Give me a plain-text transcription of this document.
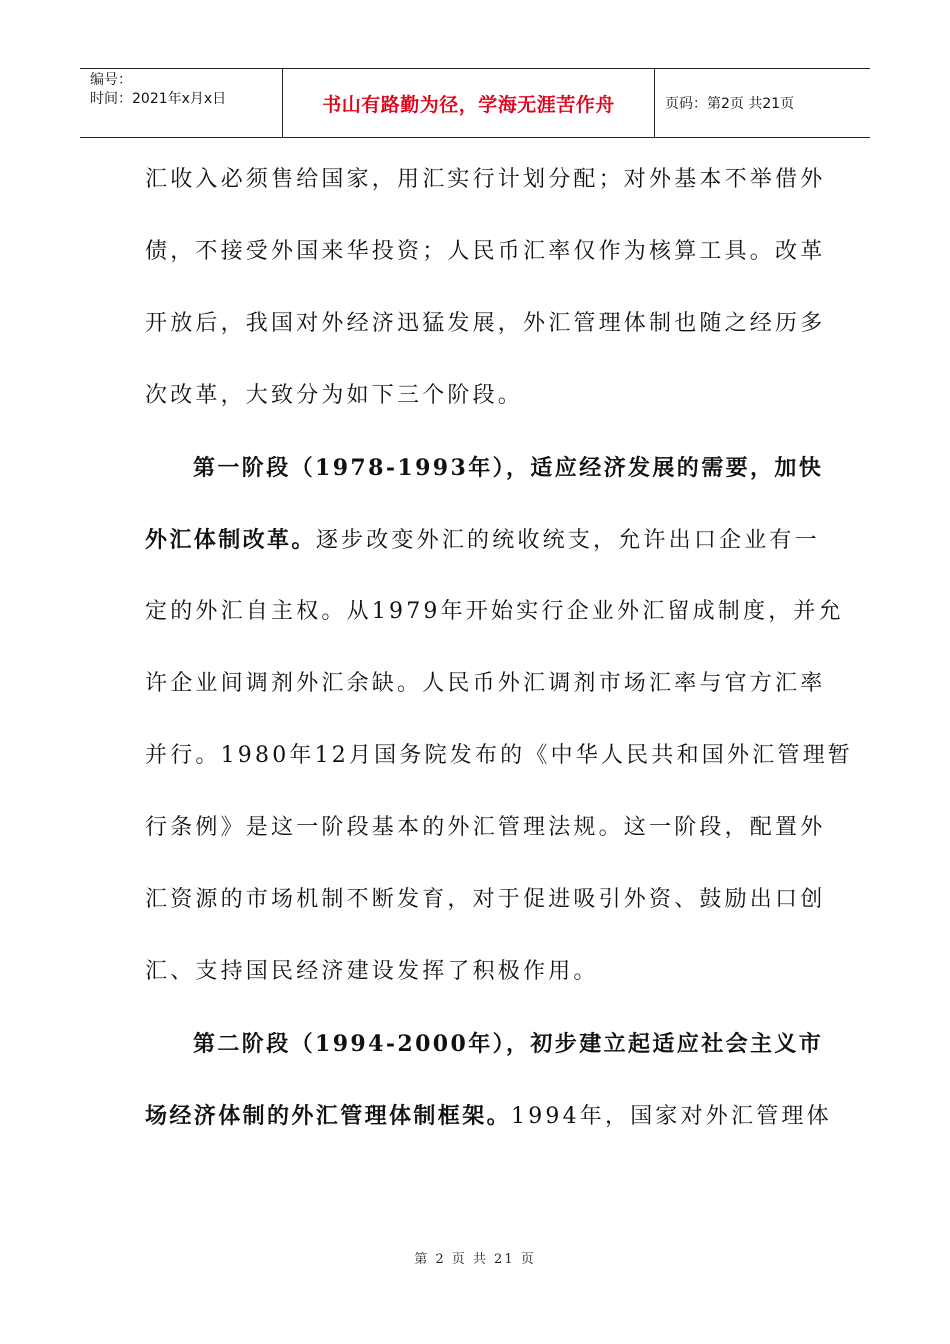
编号：
时间：2021年x月x日	书山有路勤为径，学海无涯苦作舟	页码：第2页 共21页
汇收入必须售给国家，用汇实行计划分配；对外基本不举借外
债，不接受外国来华投资；人民币汇率仅作为核算工具。改革
开放后，我国对外经济迅猛发展，外汇管理体制也随之经历多
次改革，大致分为如下三个阶段。
第一阶段（1978-1993年），适应经济发展的需要，加快
外汇体制改革。逐步改变外汇的统收统支，允许出口企业有一
定的外汇自主权。从1979年开始实行企业外汇留成制度，并允
许企业间调剂外汇余缺。人民币外汇调剂市场汇率与官方汇率
并行。1980年12月国务院发布的《中华人民共和国外汇管理暂
行条例》是这一阶段基本的外汇管理法规。这一阶段，配置外
汇资源的市场机制不断发育，对于促进吸引外资、鼓励出口创
汇、支持国民经济建设发挥了积极作用。
第二阶段（1994-2000年），初步建立起适应社会主义市
场经济体制的外汇管理体制框架。1994年，国家对外汇管理体
第 2 页 共 21 页
